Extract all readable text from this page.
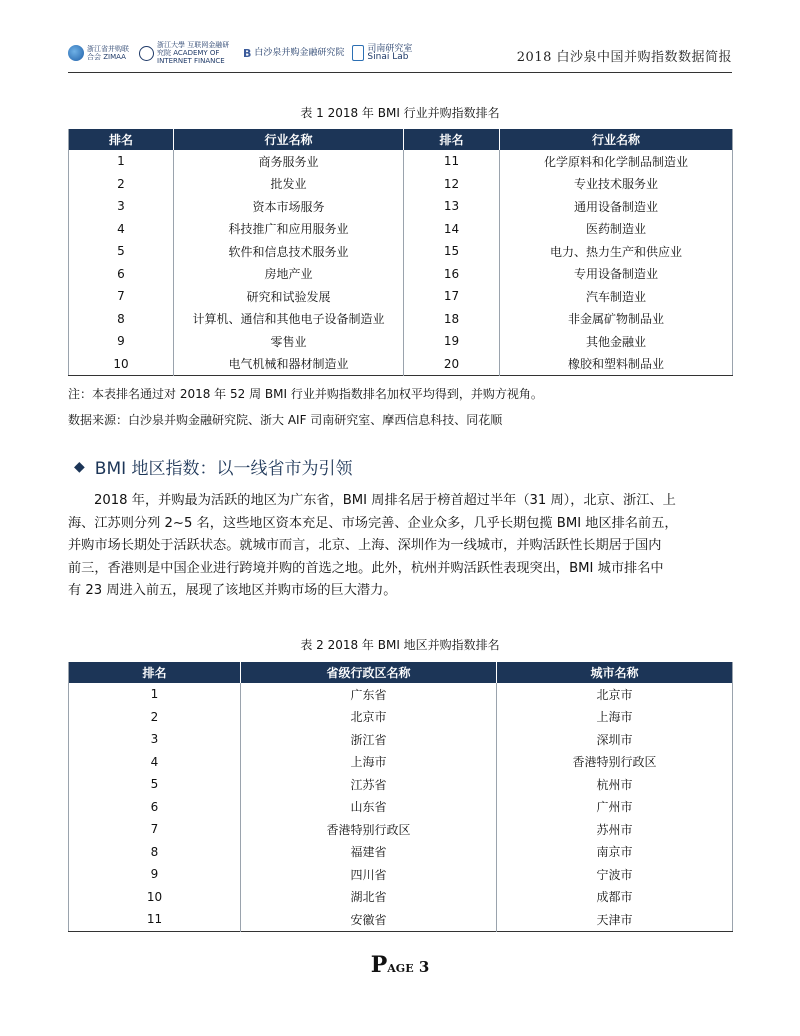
浙江省并购联合会 ZIMAA
浙江大學 互联网金融研究院 ACADEMY OF INTERNET FINANCE
B 白沙泉并购金融研究院	司南研究室 Sinai Lab	2018 白沙泉中国并购指数数据简报
表 1 2018 年 BMI 行业并购指数排名
排名	行业名称	排名	行业名称
1	商务服务业	11	化学原料和化学制品制造业
2	批发业	12	专业技术服务业
3	资本市场服务	13	通用设备制造业
4	科技推广和应用服务业	14	医药制造业
5	软件和信息技术服务业	15	电力、热力生产和供应业
6	房地产业	16	专用设备制造业
7	研究和试验发展	17	汽车制造业
8	计算机、通信和其他电子设备制造业	18	非金属矿物制品业
9	零售业	19	其他金融业
10	电气机械和器材制造业	20	橡胶和塑料制品业
注：本表排名通过对 2018 年 52 周 BMI 行业并购指数排名加权平均得到，并购方视角。
数据来源：白沙泉并购金融研究院、浙大 AIF 司南研究室、摩西信息科技、同花顺
◆ BMI 地区指数：以一线省市为引领
2018 年，并购最为活跃的地区为广东省，BMI 周排名居于榜首超过半年（31 周），北京、浙江、上
海、江苏则分列 2~5 名，这些地区资本充足、市场完善、企业众多，几乎长期包揽 BMI 地区排名前五，
并购市场长期处于活跃状态。就城市而言，北京、上海、深圳作为一线城市，并购活跃性长期居于国内
前三，香港则是中国企业进行跨境并购的首选之地。此外，杭州并购活跃性表现突出，BMI 城市排名中
有 23 周进入前五，展现了该地区并购市场的巨大潜力。
表 2 2018 年 BMI 地区并购指数排名
排名	省级行政区名称	城市名称
1	广东省	北京市
2	北京市	上海市
3	浙江省	深圳市
4	上海市	香港特别行政区
5	江苏省	杭州市
6	山东省	广州市
7	香港特别行政区	苏州市
8	福建省	南京市
9	四川省	宁波市
10	湖北省	成都市
11	安徽省	天津市
PAGE 3
